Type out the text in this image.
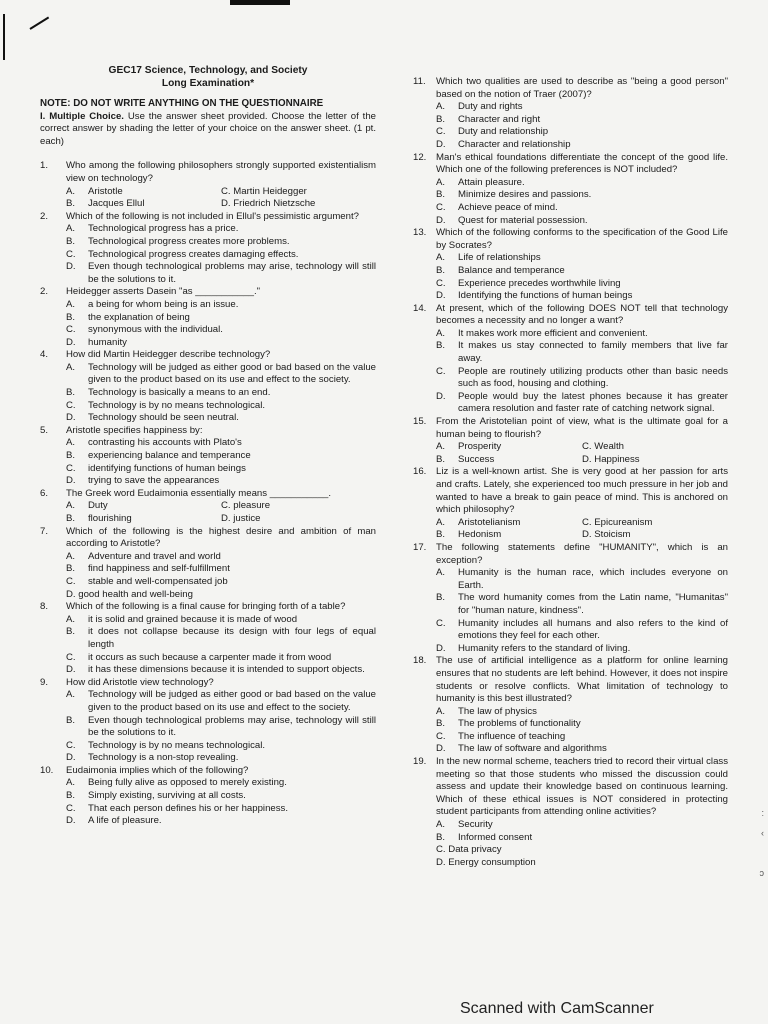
GEC17 Science, Technology, and Society
Long Examination*
NOTE: DO NOT WRITE ANYTHING ON THE QUESTIONNAIRE
I. Multiple Choice. Use the answer sheet provided. Choose the letter of the correct answer by shading the letter of your choice on the answer sheet. (1 pt. each)
1.	Who among the following philosophers strongly supported existentialism view on technology?
A.	Aristotle	C. Martin Heidegger
B.	Jacques Ellul	D. Friedrich Nietzsche
2.	Which of the following is not included in Ellul's pessimistic argument?
A.	Technological progress has a price.
B.	Technological progress creates more problems.
C.	Technological progress creates damaging effects.
D.	Even though technological problems may arise, technology will still be the solutions to it.
2.	Heidegger asserts Dasein "as ___________."
A.	a being for whom being is an issue.
B.	the explanation of being
C.	synonymous with the individual.
D.	humanity
4.	How did Martin Heidegger describe technology?
A.	Technology will be judged as either good or bad based on the value given to the product based on its use and effect to the society.
B.	Technology is basically a means to an end.
C.	Technology is by no means technological.
D.	Technology should be seen neutral.
5.	Aristotle specifies happiness by:
A.	contrasting his accounts with Plato's
B.	experiencing balance and temperance
C.	identifying functions of human beings
D.	trying to save the appearances
6.	The Greek word Eudaimonia essentially means ___________.
A.	Duty	C. pleasure
B.	flourishing	D. justice
7.	Which of the following is the highest desire and ambition of man according to Aristotle?
A.	Adventure and travel and world
B.	find happiness and self-fulfillment
C.	stable and well-compensated job
D. good health and well-being
8.	Which of the following is a final cause for bringing forth of a table?
A.	it is solid and grained because it is made of wood
B.	it does not collapse because its design with four legs of equal length
C.	it occurs as such because a carpenter made it from wood
D.	it has these dimensions because it is intended to support objects.
9.	How did Aristotle view technology?
A.	Technology will be judged as either good or bad based on the value given to the product based on its use and effect to the society.
B.	Even though technological problems may arise, technology will still be the solutions to it.
C.	Technology is by no means technological.
D.	Technology is a non-stop revealing.
10.	Eudaimonia implies which of the following?
A.	Being fully alive as opposed to merely existing.
B.	Simply existing, surviving at all costs.
C.	That each person defines his or her happiness.
D.	A life of pleasure.
11.	Which two qualities are used to describe as "being a good person" based on the notion of Traer (2007)?
A.	Duty and rights
B.	Character and right
C.	Duty and relationship
D.	Character and relationship
12.	Man's ethical foundations differentiate the concept of the good life. Which one of the following preferences is NOT included?
A.	Attain pleasure.
B.	Minimize desires and passions.
C.	Achieve peace of mind.
D.	Quest for material possession.
13.	Which of the following conforms to the specification of the Good Life by Socrates?
A.	Life of relationships
B.	Balance and temperance
C.	Experience precedes worthwhile living
D.	Identifying the functions of human beings
14.	At present, which of the following DOES NOT tell that technology becomes a necessity and no longer a want?
A.	It makes work more efficient and convenient.
B.	It makes us stay connected to family members that live far away.
C.	People are routinely utilizing products other than basic needs such as food, housing and clothing.
D.	People would buy the latest phones because it has greater camera resolution and faster rate of catching network signal.
15.	From the Aristotelian point of view, what is the ultimate goal for a human being to flourish?
A.	Prosperity	C. Wealth
B.	Success	D. Happiness
16.	Liz is a well-known artist. She is very good at her passion for arts and crafts. Lately, she experienced too much pressure in her job and wanted to have a break to gain peace of mind. This is anchored on which philosophy?
A.	Aristotelianism	C. Epicureanism
B.	Hedonism	D. Stoicism
17.	The following statements define "HUMANITY", which is an exception?
A.	Humanity is the human race, which includes everyone on Earth.
B.	The word humanity comes from the Latin name, "Humanitas" for "human nature, kindness".
C.	Humanity includes all humans and also refers to the kind of emotions they feel for each other.
D.	Humanity refers to the standard of living.
18.	The use of artificial intelligence as a platform for online learning ensures that no students are left behind. However, it does not inspire students or resolve conflicts. What limitation of technology to humanity is this best illustrated?
A.	The law of physics
B.	The problems of functionality
C.	The influence of teaching
D.	The law of software and algorithms
19.	In the new normal scheme, teachers tried to record their virtual class meeting so that those students who missed the discussion could assess and update their knowledge based on continuous learning. Which of these ethical issues is NOT considered in protecting student participants from attending online activities?
A.	Security
B.	Informed consent
C. Data privacy
D. Energy consumption
:
‹
ↄ
Scanned with CamScanner
